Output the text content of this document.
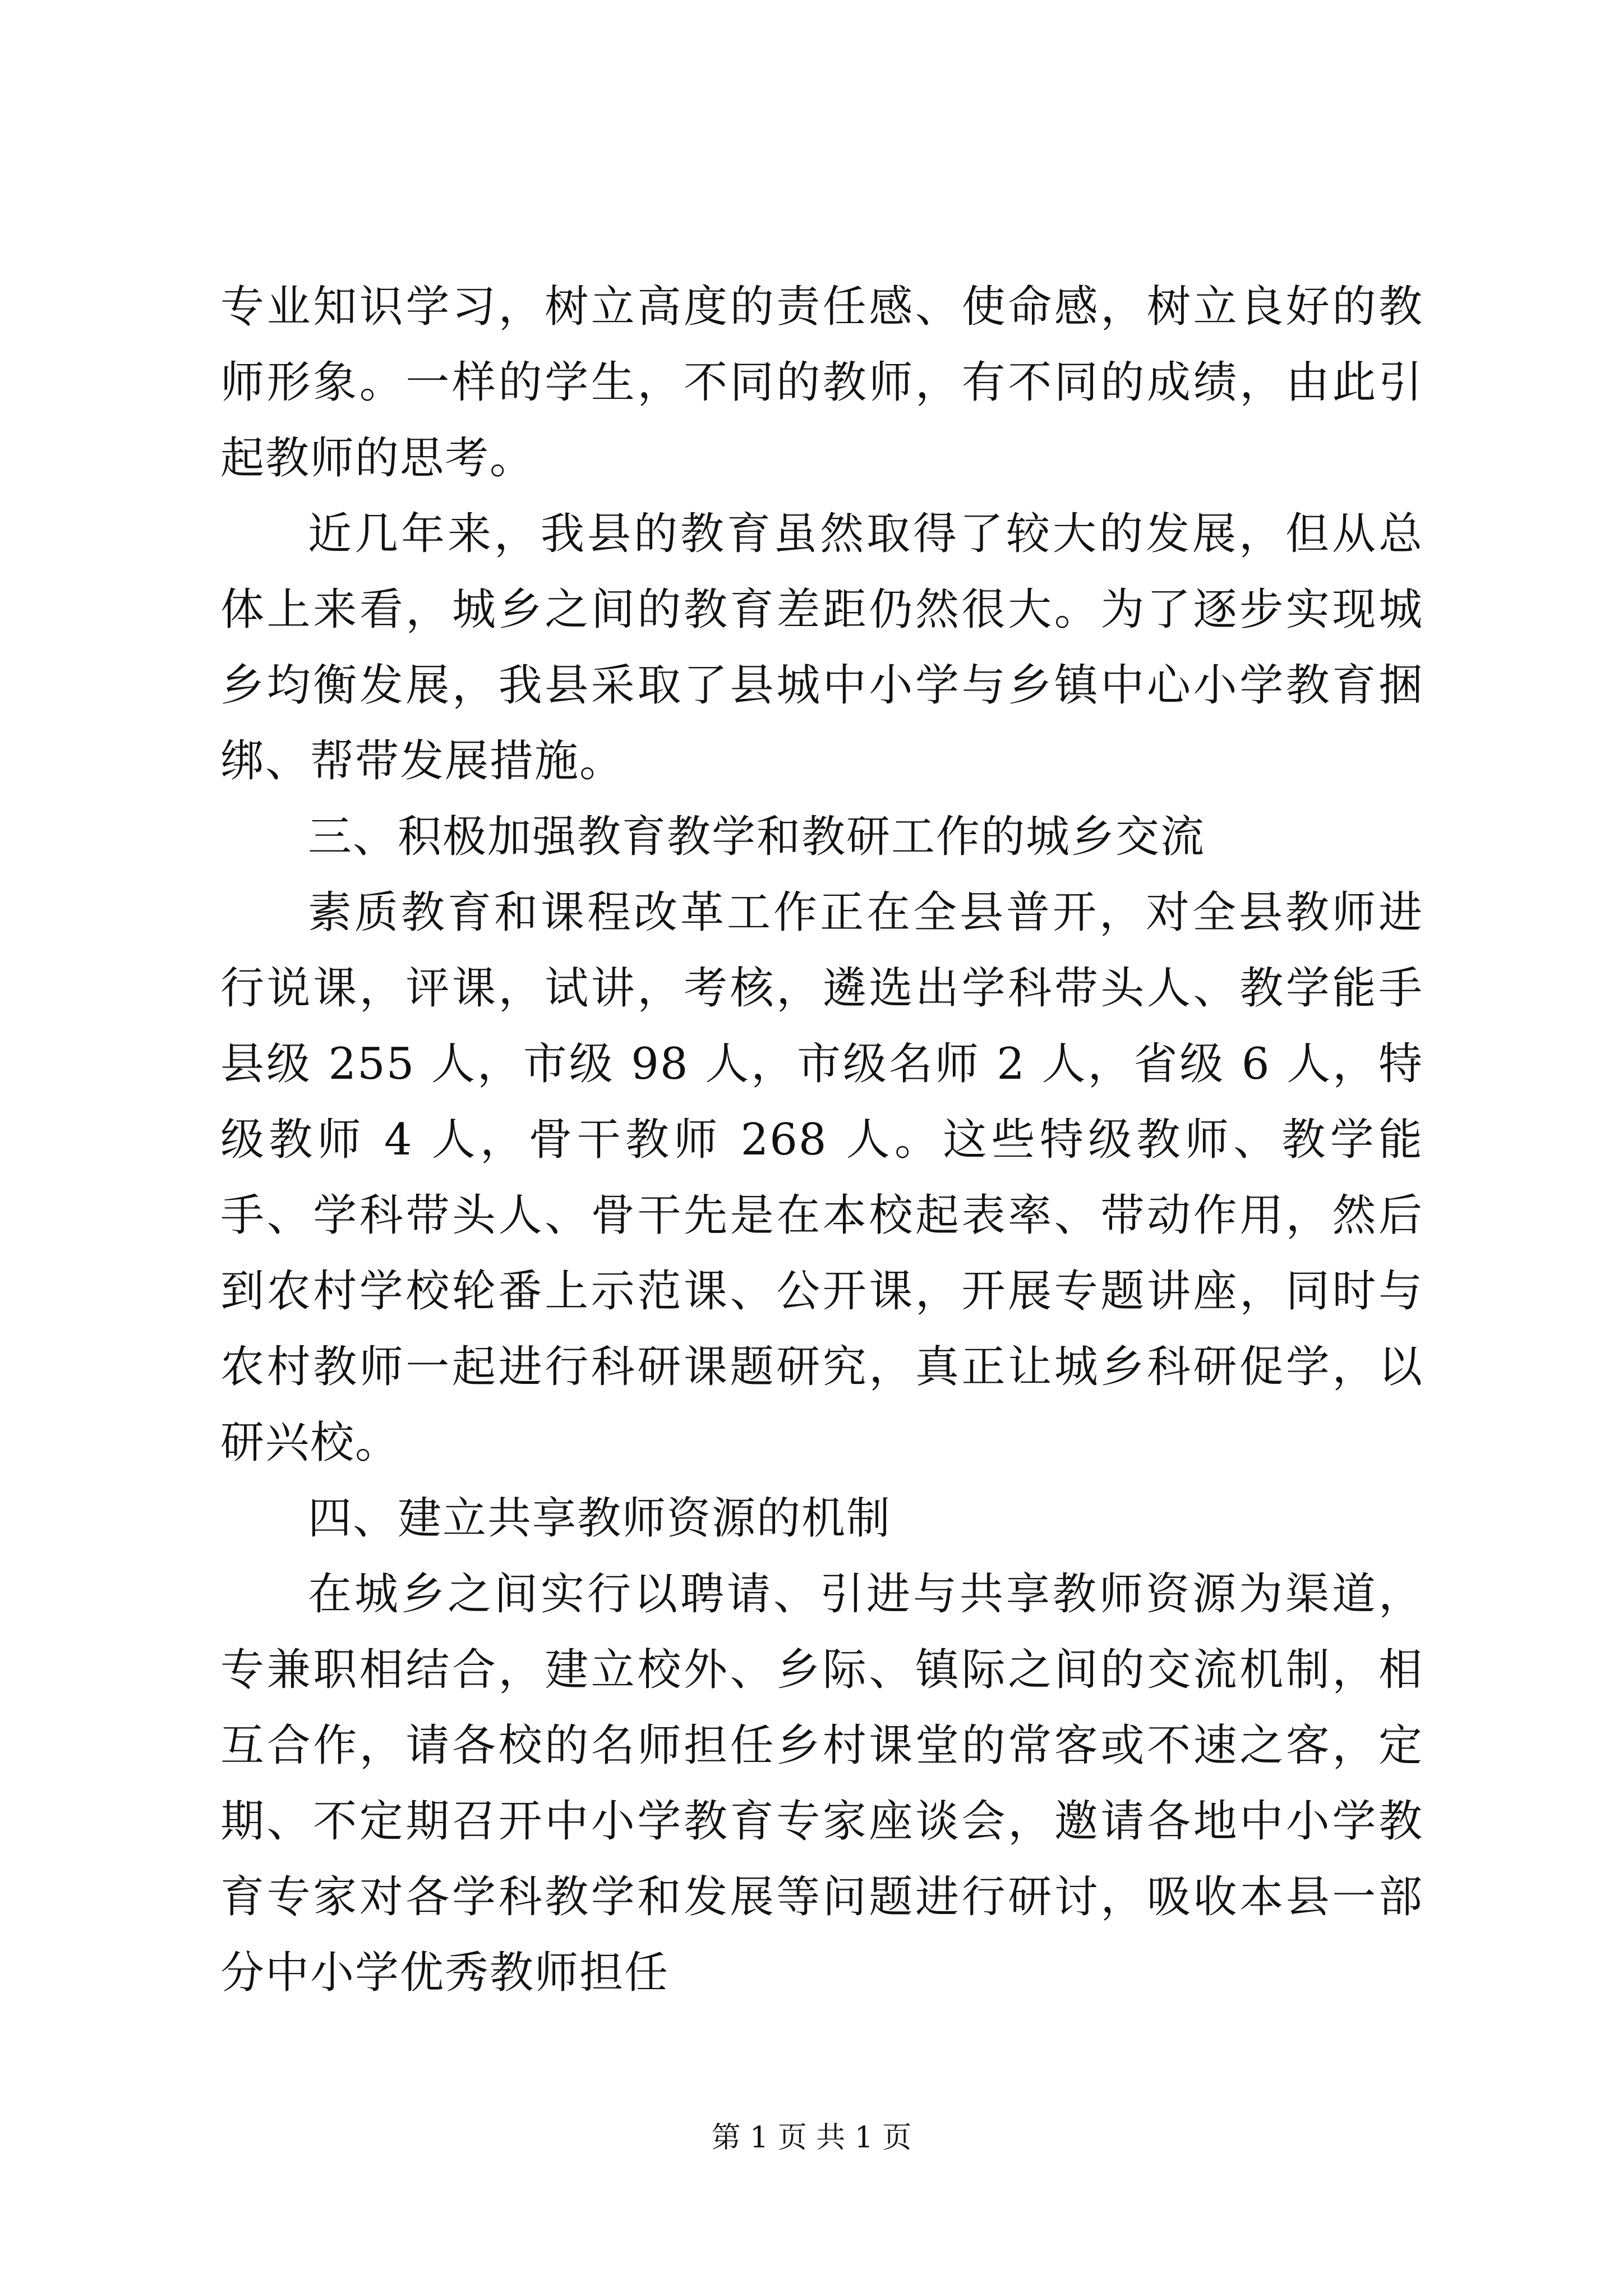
专业知识学习，树立高度的责任感、使命感，树立良好的教师形象。一样的学生，不同的教师，有不同的成绩，由此引起教师的思考。

近几年来，我县的教育虽然取得了较大的发展，但从总体上来看，城乡之间的教育差距仍然很大。为了逐步实现城乡均衡发展，我县采取了县城中小学与乡镇中心小学教育捆绑、帮带发展措施。

三、积极加强教育教学和教研工作的城乡交流

素质教育和课程改革工作正在全县普开，对全县教师进行说课，评课，试讲，考核，遴选出学科带头人、教学能手县级 255 人，市级 98 人，市级名师 2 人，省级 6 人，特级教师 4 人，骨干教师 268 人。这些特级教师、教学能手、学科带头人、骨干先是在本校起表率、带动作用，然后到农村学校轮番上示范课、公开课，开展专题讲座，同时与农村教师一起进行科研课题研究，真正让城乡科研促学，以研兴校。

四、建立共享教师资源的机制

在城乡之间实行以聘请、引进与共享教师资源为渠道，专兼职相结合，建立校外、乡际、镇际之间的交流机制，相互合作，请各校的名师担任乡村课堂的常客或不速之客，定期、不定期召开中小学教育专家座谈会，邀请各地中小学教育专家对各学科教学和发展等问题进行研讨，吸收本县一部分中小学优秀教师担任

第 1 页 共 1 页
